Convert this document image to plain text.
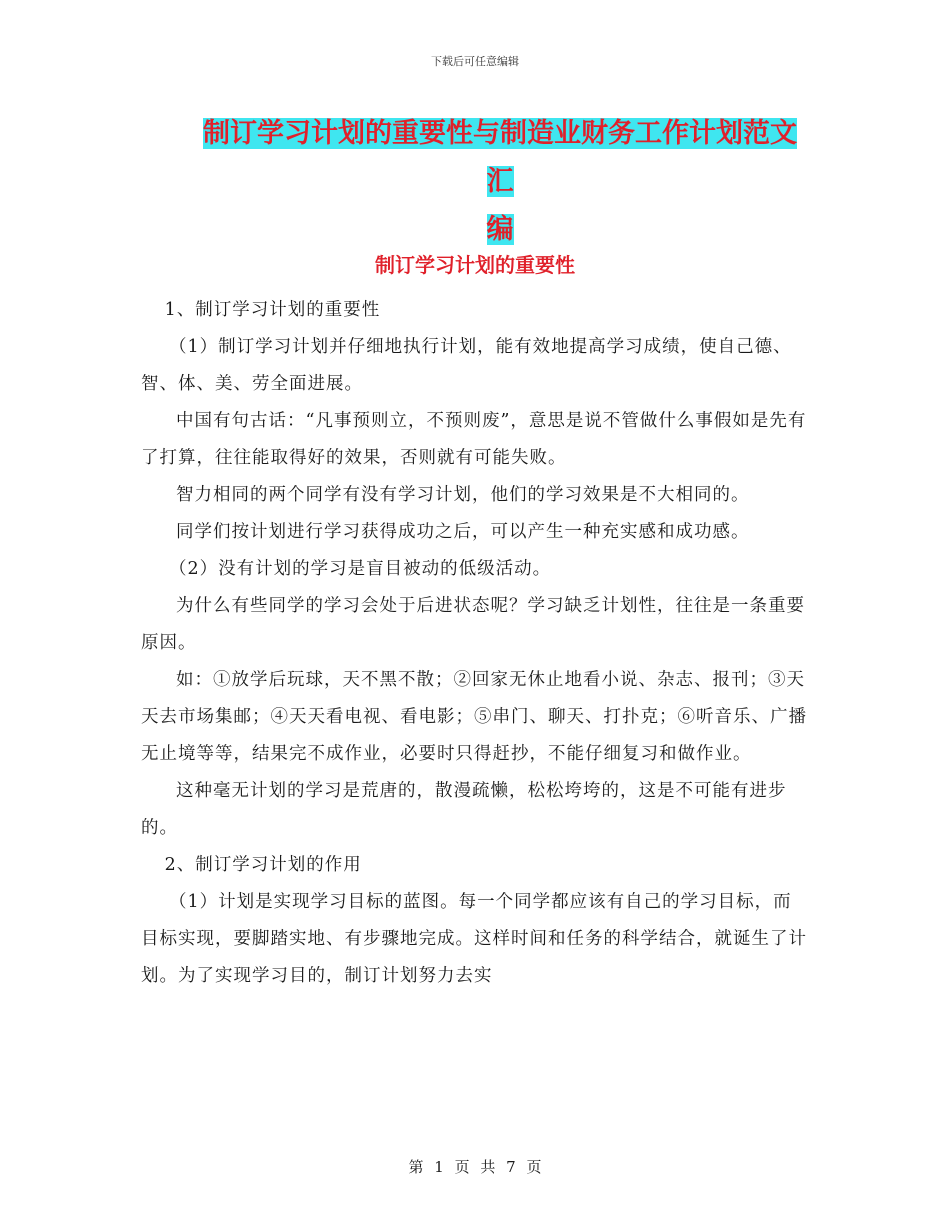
下载后可任意编辑
制订学习计划的重要性与制造业财务工作计划范文汇
编
制订学习计划的重要性

1、制订学习计划的重要性

（1）制订学习计划并仔细地执行计划，能有效地提高学习成绩，使自己德、智、体、美、劳全面进展。

中国有句古话：“凡事预则立，不预则废”，意思是说不管做什么事假如是先有了打算，往往能取得好的效果，否则就有可能失败。

智力相同的两个同学有没有学习计划，他们的学习效果是不大相同的。

同学们按计划进行学习获得成功之后，可以产生一种充实感和成功感。

（2）没有计划的学习是盲目被动的低级活动。

为什么有些同学的学习会处于后进状态呢？学习缺乏计划性，往往是一条重要原因。

如：①放学后玩球，天不黑不散；②回家无休止地看小说、杂志、报刊；③天天去市场集邮；④天天看电视、看电影；⑤串门、聊天、打扑克；⑥听音乐、广播无止境等等，结果完不成作业，必要时只得赶抄，不能仔细复习和做作业。

这种毫无计划的学习是荒唐的，散漫疏懒，松松垮垮的，这是不可能有进步的。

2、制订学习计划的作用

（1）计划是实现学习目标的蓝图。每一个同学都应该有自己的学习目标，而目标实现，要脚踏实地、有步骤地完成。这样时间和任务的科学结合，就诞生了计划。为了实现学习目的，制订计划努力去实

第 1 页 共 7 页
